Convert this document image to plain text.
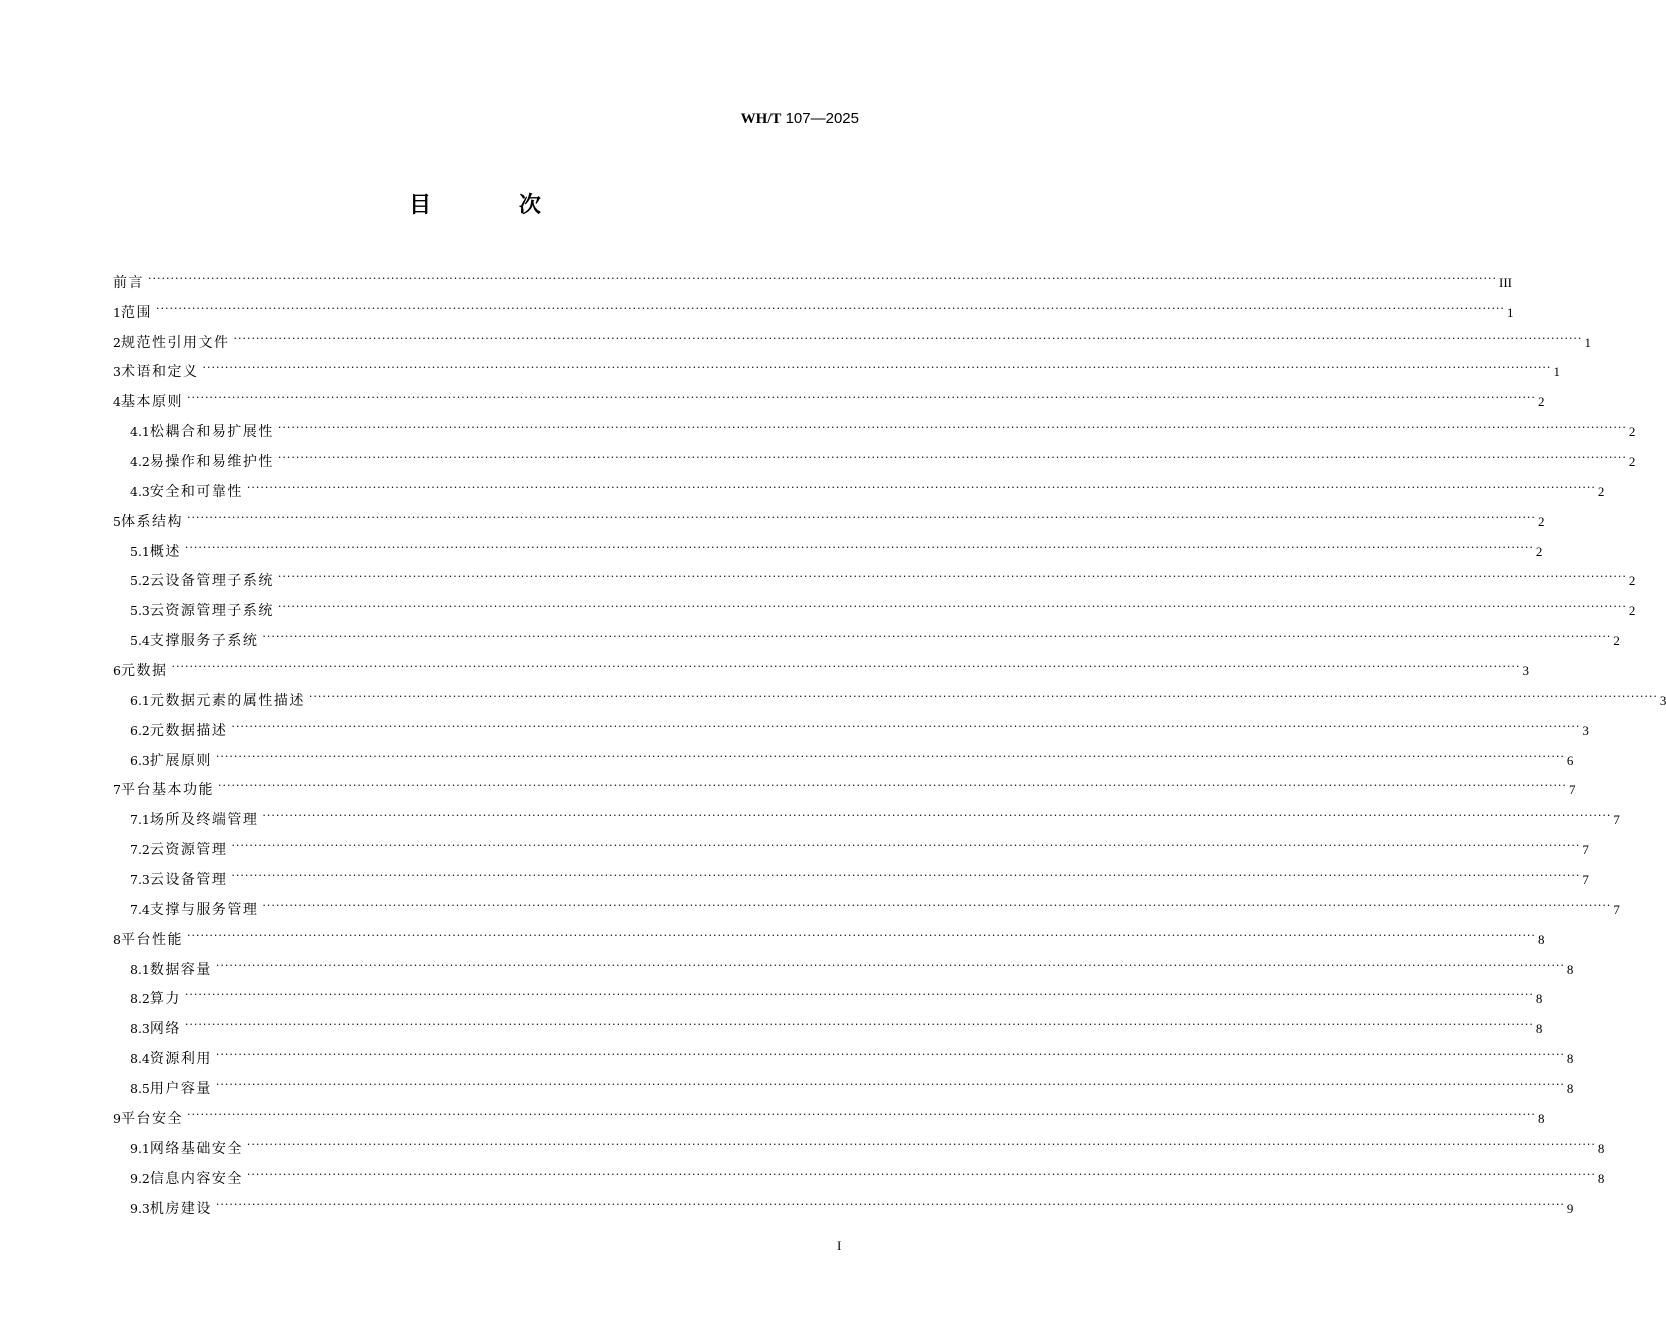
WH/T 107—2025
目 次
前言 ············································································································································································································································································································ III
1 范围 ············································································································································································································································································································ 1
2 规范性引用文件 ············································································································································································································································································································ 1
3 术语和定义 ············································································································································································································································································································ 1
4 基本原则 ············································································································································································································································································································ 2
4.1 松耦合和易扩展性 ············································································································································································································································································································ 2
4.2 易操作和易维护性 ············································································································································································································································································································ 2
4.3 安全和可靠性 ············································································································································································································································································································ 2
5 体系结构 ············································································································································································································································································································ 2
5.1 概述 ············································································································································································································································································································ 2
5.2 云设备管理子系统 ············································································································································································································································································································ 2
5.3 云资源管理子系统 ············································································································································································································································································································ 2
5.4 支撑服务子系统 ············································································································································································································································································································ 2
6 元数据 ············································································································································································································································································································ 3
6.1 元数据元素的属性描述 ············································································································································································································································································································ 3
6.2 元数据描述 ············································································································································································································································································································ 3
6.3 扩展原则 ············································································································································································································································································································ 6
7 平台基本功能 ············································································································································································································································································································ 7
7.1 场所及终端管理 ············································································································································································································································································································ 7
7.2 云资源管理 ············································································································································································································································································································ 7
7.3 云设备管理 ············································································································································································································································································································ 7
7.4 支撑与服务管理 ············································································································································································································································································································ 7
8 平台性能 ············································································································································································································································································································ 8
8.1 数据容量 ············································································································································································································································································································ 8
8.2 算力 ············································································································································································································································································································ 8
8.3 网络 ············································································································································································································································································································ 8
8.4 资源利用 ············································································································································································································································································································ 8
8.5 用户容量 ············································································································································································································································································································ 8
9 平台安全 ············································································································································································································································································································ 8
9.1 网络基础安全 ············································································································································································································································································································ 8
9.2 信息内容安全 ············································································································································································································································································································ 8
9.3 机房建设 ············································································································································································································································································································ 9
I
